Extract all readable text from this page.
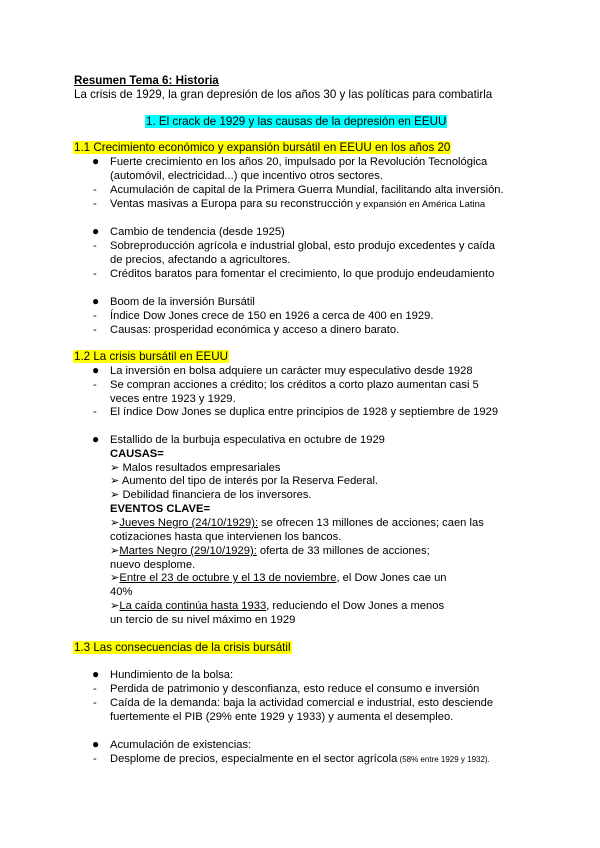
Resumen Tema 6: Historia
La crisis de 1929, la gran depresión de los años 30 y las políticas para combatirla
1. El crack de 1929 y las causas de la depresión en EEUU
1.1 Crecimiento económico y expansión bursátil en EEUU en los años 20
● Fuerte crecimiento en los años 20, impulsado por la Revolución Tecnológica
(automóvil, electricidad...) que incentivo otros sectores.
- Acumulación de capital de la Primera Guerra Mundial, facilitando alta inversión.
- Ventas masivas a Europa para su reconstrucción y expansión en América Latina
● Cambio de tendencia (desde 1925)
- Sobreproducción agrícola e industrial global, esto produjo excedentes y caída
de precios, afectando a agricultores.
- Créditos baratos para fomentar el crecimiento, lo que produjo endeudamiento
● Boom de la inversión Bursátil
- Índice Dow Jones crece de 150 en 1926 a cerca de 400 en 1929.
- Causas: prosperidad económica y acceso a dinero barato.
1.2 La crisis bursátil en EEUU
● La inversión en bolsa adquiere un carácter muy especulativo desde 1928
- Se compran acciones a crédito; los créditos a corto plazo aumentan casi 5
veces entre 1923 y 1929.
- El índice Dow Jones se duplica entre principios de 1928 y septiembre de 1929
● Estallido de la burbuja especulativa en octubre de 1929
CAUSAS=
➢ Malos resultados empresariales
➢ Aumento del tipo de interés por la Reserva Federal.
➢ Debilidad financiera de los inversores.
EVENTOS CLAVE=
➢Jueves Negro (24/10/1929): se ofrecen 13 millones de acciones; caen las
cotizaciones hasta que intervienen los bancos.
➢Martes Negro (29/10/1929): oferta de 33 millones de acciones;
nuevo desplome.
➢Entre el 23 de octubre y el 13 de noviembre, el Dow Jones cae un
40%
➢La caída continúa hasta 1933, reduciendo el Dow Jones a menos
un tercio de su nivel máximo en 1929
1.3 Las consecuencias de la crisis bursátil
● Hundimiento de la bolsa:
- Perdida de patrimonio y desconfianza, esto reduce el consumo e inversión
- Caída de la demanda: baja la actividad comercial e industrial, esto desciende
fuertemente el PIB (29% ente 1929 y 1933) y aumenta el desempleo.
● Acumulación de existencias:
- Desplome de precios, especialmente en el sector agrícola (58% entre 1929 y 1932).
